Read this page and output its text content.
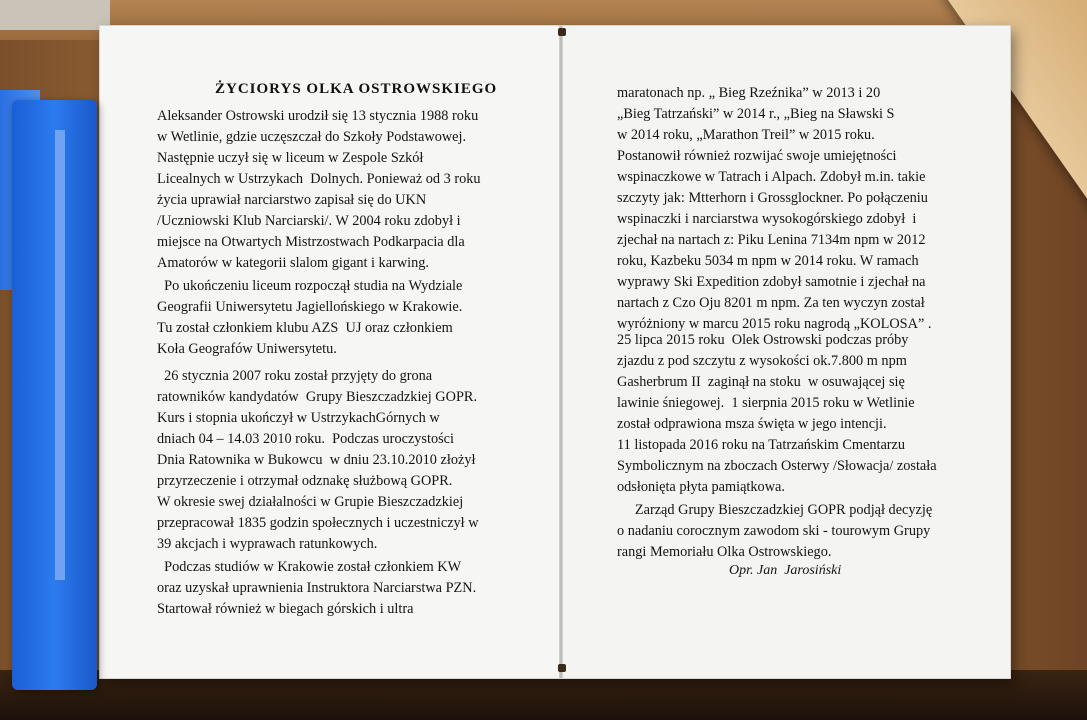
ŻYCIORYS OLKA OSTROWSKIEGO
Aleksander Ostrowski urodził się 13 stycznia 1988 roku
w Wetlinie, gdzie uczęszczał do Szkoły Podstawowej.
Następnie uczył się w liceum w Zespole Szkół
Licealnych w Ustrzykach  Dolnych. Ponieważ od 3 roku
życia uprawiał narciarstwo zapisał się do UKN
/Uczniowski Klub Narciarski/. W 2004 roku zdobył i
miejsce na Otwartych Mistrzostwach Podkarpacia dla
Amatorów w kategorii slalom gigant i karwing.
Po ukończeniu liceum rozpoczął studia na Wydziale
Geografii Uniwersytetu Jagiellońskiego w Krakowie.
Tu został członkiem klubu AZS  UJ oraz członkiem
Koła Geografów Uniwersytetu.
26 stycznia 2007 roku został przyjęty do grona
ratowników kandydatów  Grupy Bieszczadzkiej GOPR.
Kurs i stopnia ukończył w UstrzykachGórnych w
dniach 04 – 14.03 2010 roku.  Podczas uroczystości
Dnia Ratownika w Bukowcu  w dniu 23.10.2010 złożył
przyrzeczenie i otrzymał odznakę służbową GOPR.
W okresie swej działalności w Grupie Bieszczadzkiej
przepracował 1835 godzin społecznych i uczestniczył w
39 akcjach i wyprawach ratunkowych.
Podczas studiów w Krakowie został członkiem KW
oraz uzyskał uprawnienia Instruktora Narciarstwa PZN.
Startował również w biegach górskich i ultra
maratonach np. „ Bieg Rzeźnika” w 2013 i 20
„Bieg Tatrzański” w 2014 r., „Bieg na Sławski S
w 2014 roku, „Marathon Treil” w 2015 roku.
Postanowił również rozwijać swoje umiejętności
wspinaczkowe w Tatrach i Alpach. Zdobył m.in. takie
szczyty jak: Mtterhorn i Grossglockner. Po połączeniu
wspinaczki i narciarstwa wysokogórskiego zdobył  i
zjechał na nartach z: Piku Lenina 7134m npm w 2012
roku, Kazbeku 5034 m npm w 2014 roku. W ramach
wyprawy Ski Expedition zdobył samotnie i zjechał na
nartach z Czo Oju 8201 m npm. Za ten wyczyn został
wyróżniony w marcu 2015 roku nagrodą „KOLOSA” .
25 lipca 2015 roku  Olek Ostrowski podczas próby
zjazdu z pod szczytu z wysokości ok.7.800 m npm
Gasherbrum II  zaginął na stoku  w osuwającej się
lawinie śniegowej.  1 sierpnia 2015 roku w Wetlinie
został odprawiona msza święta w jego intencji.
11 listopada 2016 roku na Tatrzańskim Cmentarzu
Symbolicznym na zboczach Osterwy /Słowacja/ została
odsłonięta płyta pamiątkowa.
Zarząd Grupy Bieszczadzkiej GOPR podjął decyzję
o nadaniu corocznym zawodom ski - tourowym Grupy
rangi Memoriału Olka Ostrowskiego.
Opr. Jan  Jarosiński
